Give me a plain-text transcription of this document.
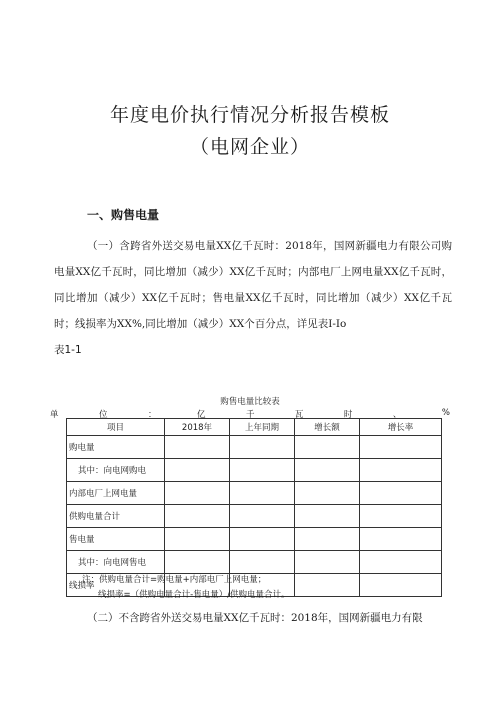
年度电价执行情况分析报告模板
（电网企业）
一、购售电量
（一）含跨省外送交易电量XX亿千瓦时：2018年，国网新疆电力有限公司购电量XX亿千瓦时，同比增加（减少）XX亿千瓦时；内部电厂上网电量XX亿千瓦时，同比增加（减少）XX亿千瓦时；售电量XX亿千瓦时，同比增加（减少）XX亿千瓦时；线损率为XX%,同比增加（减少）XX个百分点，详见表I-Io
表1-1
购售电量比较表
单	位	：	亿	千	瓦	时	、	%
项目	2018年	上年同期	增长额	增长率
购电量				
其中：向电网购电				
内部电厂上网电量				
供购电量合计				
售电量				
其中：向电网售电				
线损率				
注：供购电量合计=购电量+内部电厂上网电量；
线损率=（供购电量合计-售电量）/供购电量合计。
（二）不含跨省外送交易电量XX亿千瓦时：2018年，国网新疆电力有限
